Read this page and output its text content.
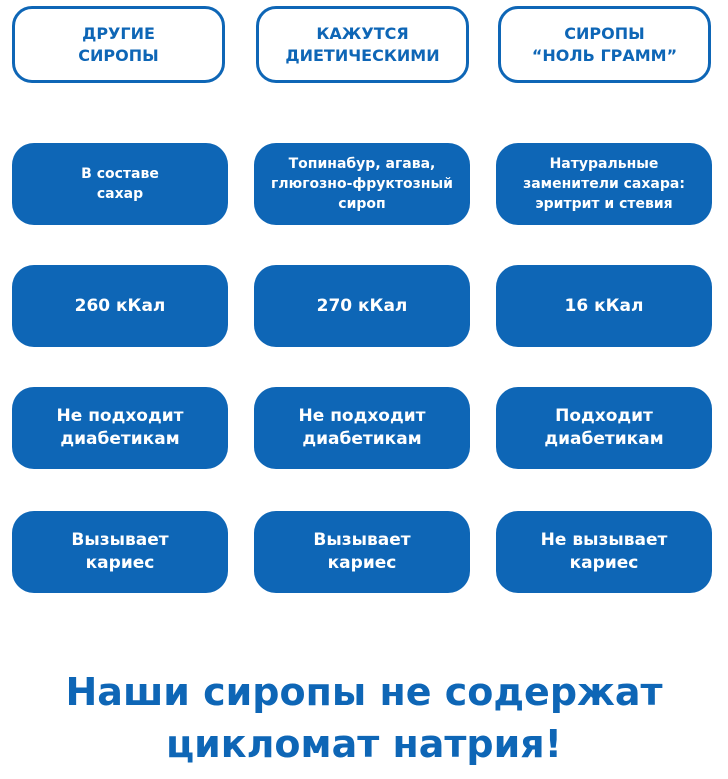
ДРУГИЕ
СИРОПЫ
КАЖУТСЯ
ДИЕТИЧЕСКИМИ
СИРОПЫ
“НОЛЬ ГРАММ”
В составе
сахар
Топинабур, агава,
глюгозно-фруктозный
сироп
Натуральные
заменители сахара:
эритрит и стевия
260 кКал	270 кКал	16 кКал
Не подходит
диабетикам
Не подходит
диабетикам
Подходит
диабетикам
Вызывает
кариес
Вызывает
кариес
Не вызывает
кариес
Наши сиропы не содержат
цикломат натрия!
